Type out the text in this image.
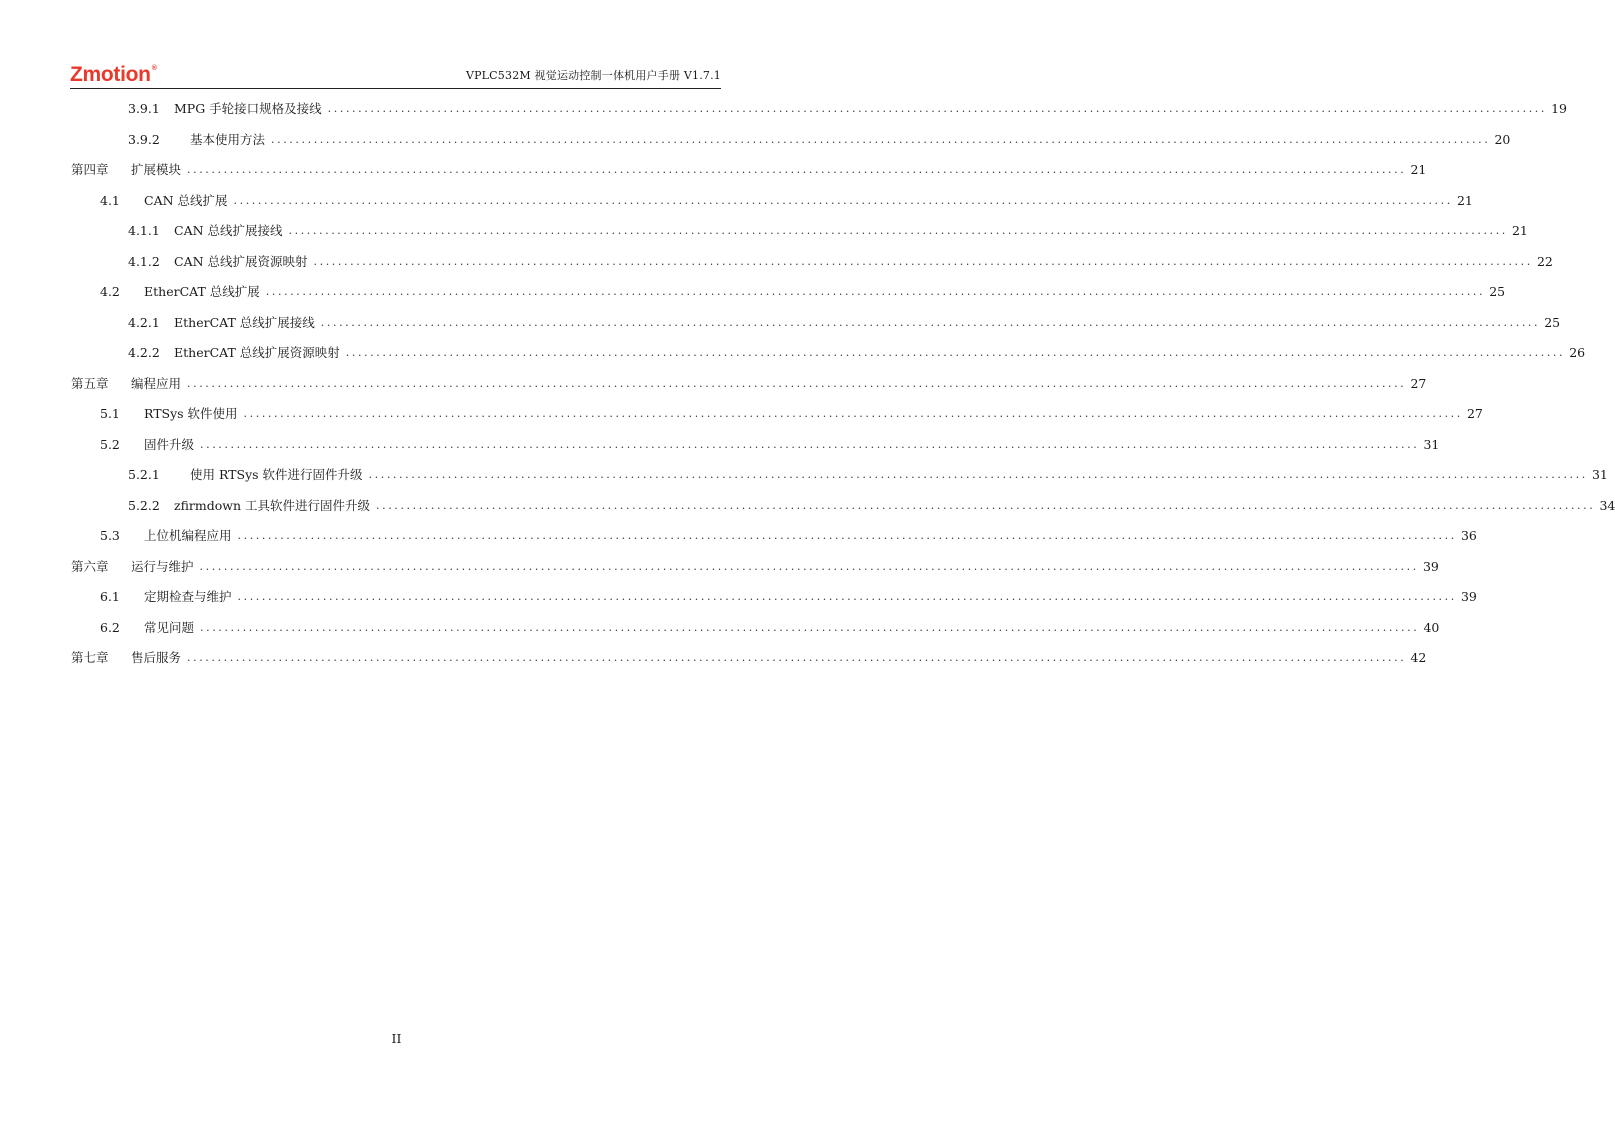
Zmotion®
VPLC532M 视觉运动控制一体机用户手册 V1.7.1
3.9.1	MPG 手轮接口规格及接线 ........................................................................................................................................................................................................ 19
3.9.2	基本使用方法 ........................................................................................................................................................................................................ 20
第四章	扩展模块 ........................................................................................................................................................................................................ 21
4.1	CAN 总线扩展 ........................................................................................................................................................................................................ 21
4.1.1	CAN 总线扩展接线 ........................................................................................................................................................................................................ 21
4.1.2	CAN 总线扩展资源映射 ........................................................................................................................................................................................................ 22
4.2	EtherCAT 总线扩展 ........................................................................................................................................................................................................ 25
4.2.1	EtherCAT 总线扩展接线 ........................................................................................................................................................................................................ 25
4.2.2	EtherCAT 总线扩展资源映射 ........................................................................................................................................................................................................ 26
第五章	编程应用 ........................................................................................................................................................................................................ 27
5.1	RTSys 软件使用 ........................................................................................................................................................................................................ 27
5.2	固件升级 ........................................................................................................................................................................................................ 31
5.2.1	使用 RTSys 软件进行固件升级 ........................................................................................................................................................................................................ 31
5.2.2	zfirmdown 工具软件进行固件升级 ........................................................................................................................................................................................................ 34
5.3	上位机编程应用 ........................................................................................................................................................................................................ 36
第六章	运行与维护 ........................................................................................................................................................................................................ 39
6.1	定期检查与维护 ........................................................................................................................................................................................................ 39
6.2	常见问题 ........................................................................................................................................................................................................ 40
第七章	售后服务 ........................................................................................................................................................................................................ 42
II
